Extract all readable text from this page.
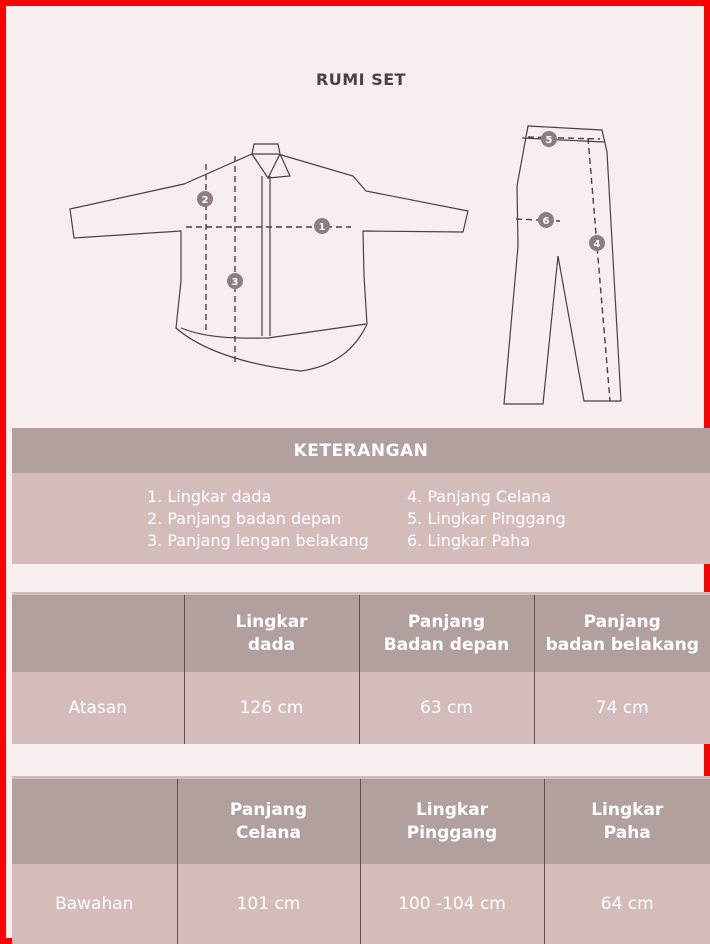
RUMI SET
1
2
3
4
5
6
KETERANGAN
1. Lingkar dada
2. Panjang badan depan
3. Panjang lengan belakang
4. Panjang Celana
5. Lingkar Pinggang
6. Lingkar Paha
	Lingkar
dada	Panjang
Badan depan	Panjang
badan belakang
Atasan	126 cm	63 cm	74 cm
	Panjang
Celana	Lingkar
Pinggang	Lingkar
Paha
Bawahan	101 cm	100 -104 cm	64 cm
